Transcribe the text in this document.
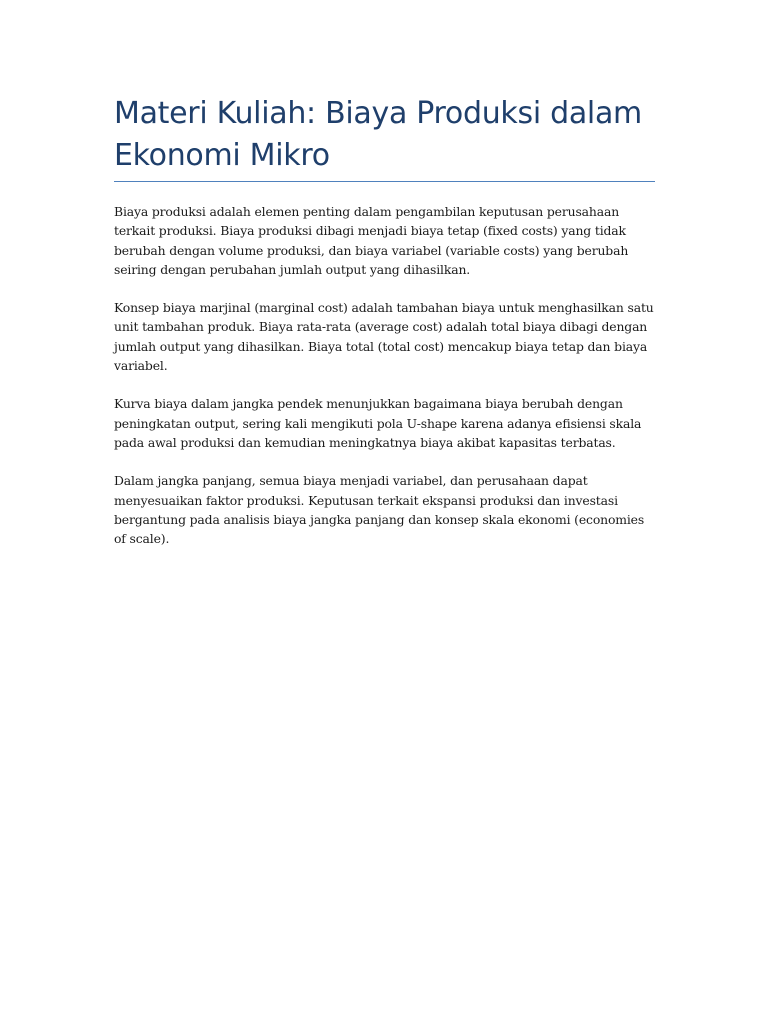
Materi Kuliah: Biaya Produksi dalam Ekonomi Mikro

Biaya produksi adalah elemen penting dalam pengambilan keputusan perusahaan terkait produksi. Biaya produksi dibagi menjadi biaya tetap (fixed costs) yang tidak berubah dengan volume produksi, dan biaya variabel (variable costs) yang berubah seiring dengan perubahan jumlah output yang dihasilkan.

Konsep biaya marjinal (marginal cost) adalah tambahan biaya untuk menghasilkan satu unit tambahan produk. Biaya rata-rata (average cost) adalah total biaya dibagi dengan jumlah output yang dihasilkan. Biaya total (total cost) mencakup biaya tetap dan biaya variabel.

Kurva biaya dalam jangka pendek menunjukkan bagaimana biaya berubah dengan peningkatan output, sering kali mengikuti pola U-shape karena adanya efisiensi skala pada awal produksi dan kemudian meningkatnya biaya akibat kapasitas terbatas.

Dalam jangka panjang, semua biaya menjadi variabel, dan perusahaan dapat menyesuaikan faktor produksi. Keputusan terkait ekspansi produksi dan investasi bergantung pada analisis biaya jangka panjang dan konsep skala ekonomi (economies of scale).
